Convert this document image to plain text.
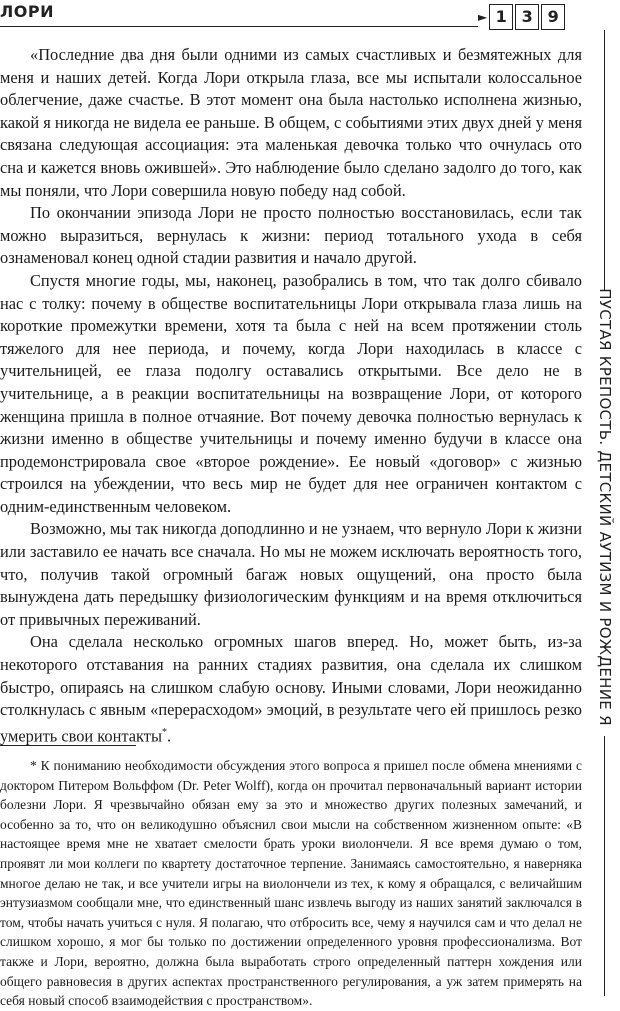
ЛОРИ	► 1 3 9
ПУСТАЯ КРЕПОСТЬ. ДЕТСКИЙ АУТИЗМ И РОЖДЕНИЕ Я

«Последние два дня были одними из самых счастливых и безмятежных для меня и наших детей. Когда Лори открыла глаза, все мы испытали колоссальное облегчение, даже счастье. В этот момент она была настолько исполнена жизнью, какой я никогда не видела ее раньше. В общем, с событиями этих двух дней у меня связана следующая ассоциация: эта маленькая девочка только что очнулась ото сна и кажется вновь ожившей». Это наблюдение было сделано задолго до того, как мы поняли, что Лори совершила новую победу над собой.

По окончании эпизода Лори не просто полностью восстановилась, если так можно выразиться, вернулась к жизни: период тотального ухода в себя ознаменовал конец одной стадии развития и начало другой.

Спустя многие годы, мы, наконец, разобрались в том, что так долго сбивало нас с толку: почему в обществе воспитательницы Лори открывала глаза лишь на короткие промежутки времени, хотя та была с ней на всем протяжении столь тяжелого для нее периода, и почему, когда Лори находилась в классе с учительницей, ее глаза подолгу оставались открытыми. Все дело не в учительнице, а в реакции воспитательницы на возвращение Лори, от которого женщина пришла в полное отчаяние. Вот почему девочка полностью вернулась к жизни именно в обществе учительницы и почему именно будучи в классе она продемонстрировала свое «второе рождение». Ее новый «договор» с жизнью строился на убеждении, что весь мир не будет для нее ограничен контактом с одним-единственным человеком.

Возможно, мы так никогда доподлинно и не узнаем, что вернуло Лори к жизни или заставило ее начать все сначала. Но мы не можем исключать вероятность того, что, получив такой огромный багаж новых ощущений, она просто была вынуждена дать передышку физиологическим функциям и на время отключиться от привычных переживаний.

Она сделала несколько огромных шагов вперед. Но, может быть, из-за некоторого отставания на ранних стадиях развития, она сделала их слишком быстро, опираясь на слишком слабую основу. Иными словами, Лори неожиданно столкнулась с явным «перерасходом» эмоций, в результате чего ей пришлось резко умерить свои контакты*.

* К пониманию необходимости обсуждения этого вопроса я пришел после обмена мнениями с доктором Питером Вольффом (Dr. Peter Wolff), когда он прочитал первоначальный вариант истории болезни Лори. Я чрезвычайно обязан ему за это и множество других полезных замечаний, и особенно за то, что он великодушно объяснил свои мысли на собственном жизненном опыте: «В настоящее время мне не хватает смелости брать уроки виолончели. Я все время думаю о том, проявят ли мои коллеги по квартету достаточное терпение. Занимаясь самостоятельно, я наверняка многое делаю не так, и все учители игры на виолончели из тех, к кому я обращался, с величайшим энтузиазмом сообщали мне, что единственный шанс извлечь выгоду из наших занятий заключался в том, чтобы начать учиться с нуля. Я полагаю, что отбросить все, чему я научился сам и что делал не слишком хорошо, я мог бы только по достижении определенного уровня профессионализма. Вот также и Лори, вероятно, должна была выработать строго определенный паттерн хождения или общего равновесия в других аспектах пространственного регулирования, а уж затем примерять на себя новый способ взаимодействия с пространством».
